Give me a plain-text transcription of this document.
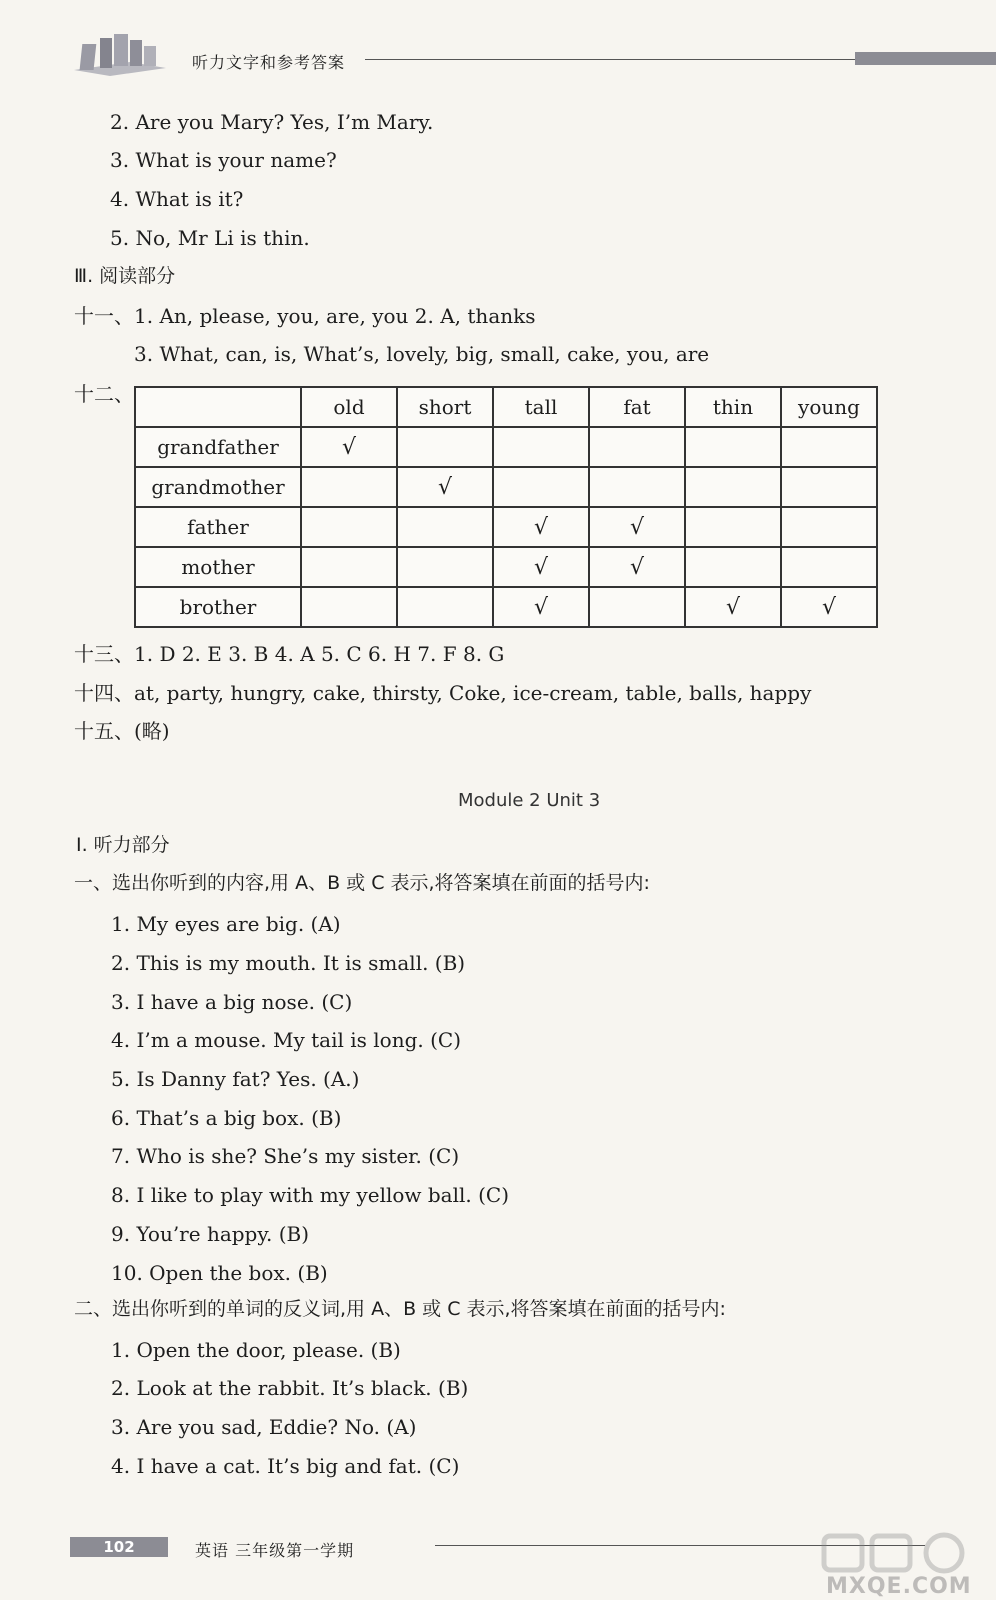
听力文字和参考答案
2. Are you Mary? Yes, I’m Mary.
3. What is your name?
4. What is it?
5. No, Mr Li is thin.
Ⅲ. 阅读部分
十一、1. An, please, you, are, you 2. A, thanks
3. What, can, is, What’s, lovely, big, small, cake, you, are
十二、
	old	short	tall	fat	thin	young
grandfather	√					
grandmother		√				
father			√	√		
mother			√	√		
brother			√		√	√
十三、1. D 2. E 3. B 4. A 5. C 6. H 7. F 8. G
十四、at, party, hungry, cake, thirsty, Coke, ice-cream, table, balls, happy
十五、(略)
Module 2 Unit 3
Ⅰ. 听力部分
一、选出你听到的内容,用 A、B 或 C 表示,将答案填在前面的括号内:
1. My eyes are big. (A)
2. This is my mouth. It is small. (B)
3. I have a big nose. (C)
4. I’m a mouse. My tail is long. (C)
5. Is Danny fat? Yes. (A.)
6. That’s a big box. (B)
7. Who is she? She’s my sister. (C)
8. I like to play with my yellow ball. (C)
9. You’re happy. (B)
10. Open the box. (B)
二、选出你听到的单词的反义词,用 A、B 或 C 表示,将答案填在前面的括号内:
1. Open the door, please. (B)
2. Look at the rabbit. It’s black. (B)
3. Are you sad, Eddie? No. (A)
4. I have a cat. It’s big and fat. (C)
102	英语 三年级第一学期
MXQE.COM
